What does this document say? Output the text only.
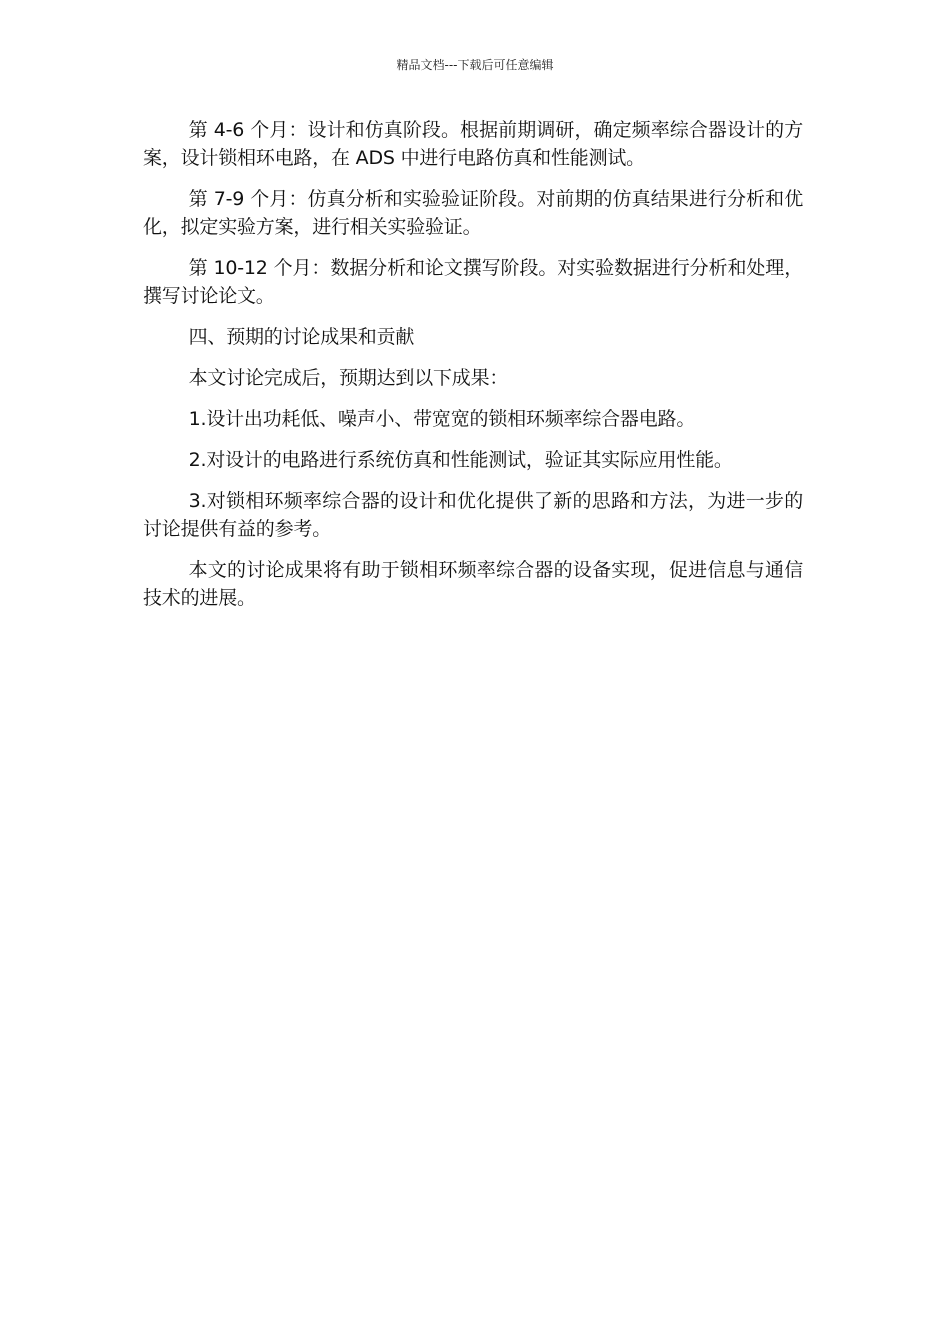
精品文档---下载后可任意编辑

第 4-6 个月：设计和仿真阶段。根据前期调研，确定频率综合器设计的方案，设计锁相环电路，在 ADS 中进行电路仿真和性能测试。

第 7-9 个月：仿真分析和实验验证阶段。对前期的仿真结果进行分析和优化，拟定实验方案，进行相关实验验证。

第 10-12 个月：数据分析和论文撰写阶段。对实验数据进行分析和处理，撰写讨论论文。

四、预期的讨论成果和贡献

本文讨论完成后，预期达到以下成果：

1.设计出功耗低、噪声小、带宽宽的锁相环频率综合器电路。

2.对设计的电路进行系统仿真和性能测试，验证其实际应用性能。

3.对锁相环频率综合器的设计和优化提供了新的思路和方法，为进一步的讨论提供有益的参考。

本文的讨论成果将有助于锁相环频率综合器的设备实现，促进信息与通信技术的进展。
